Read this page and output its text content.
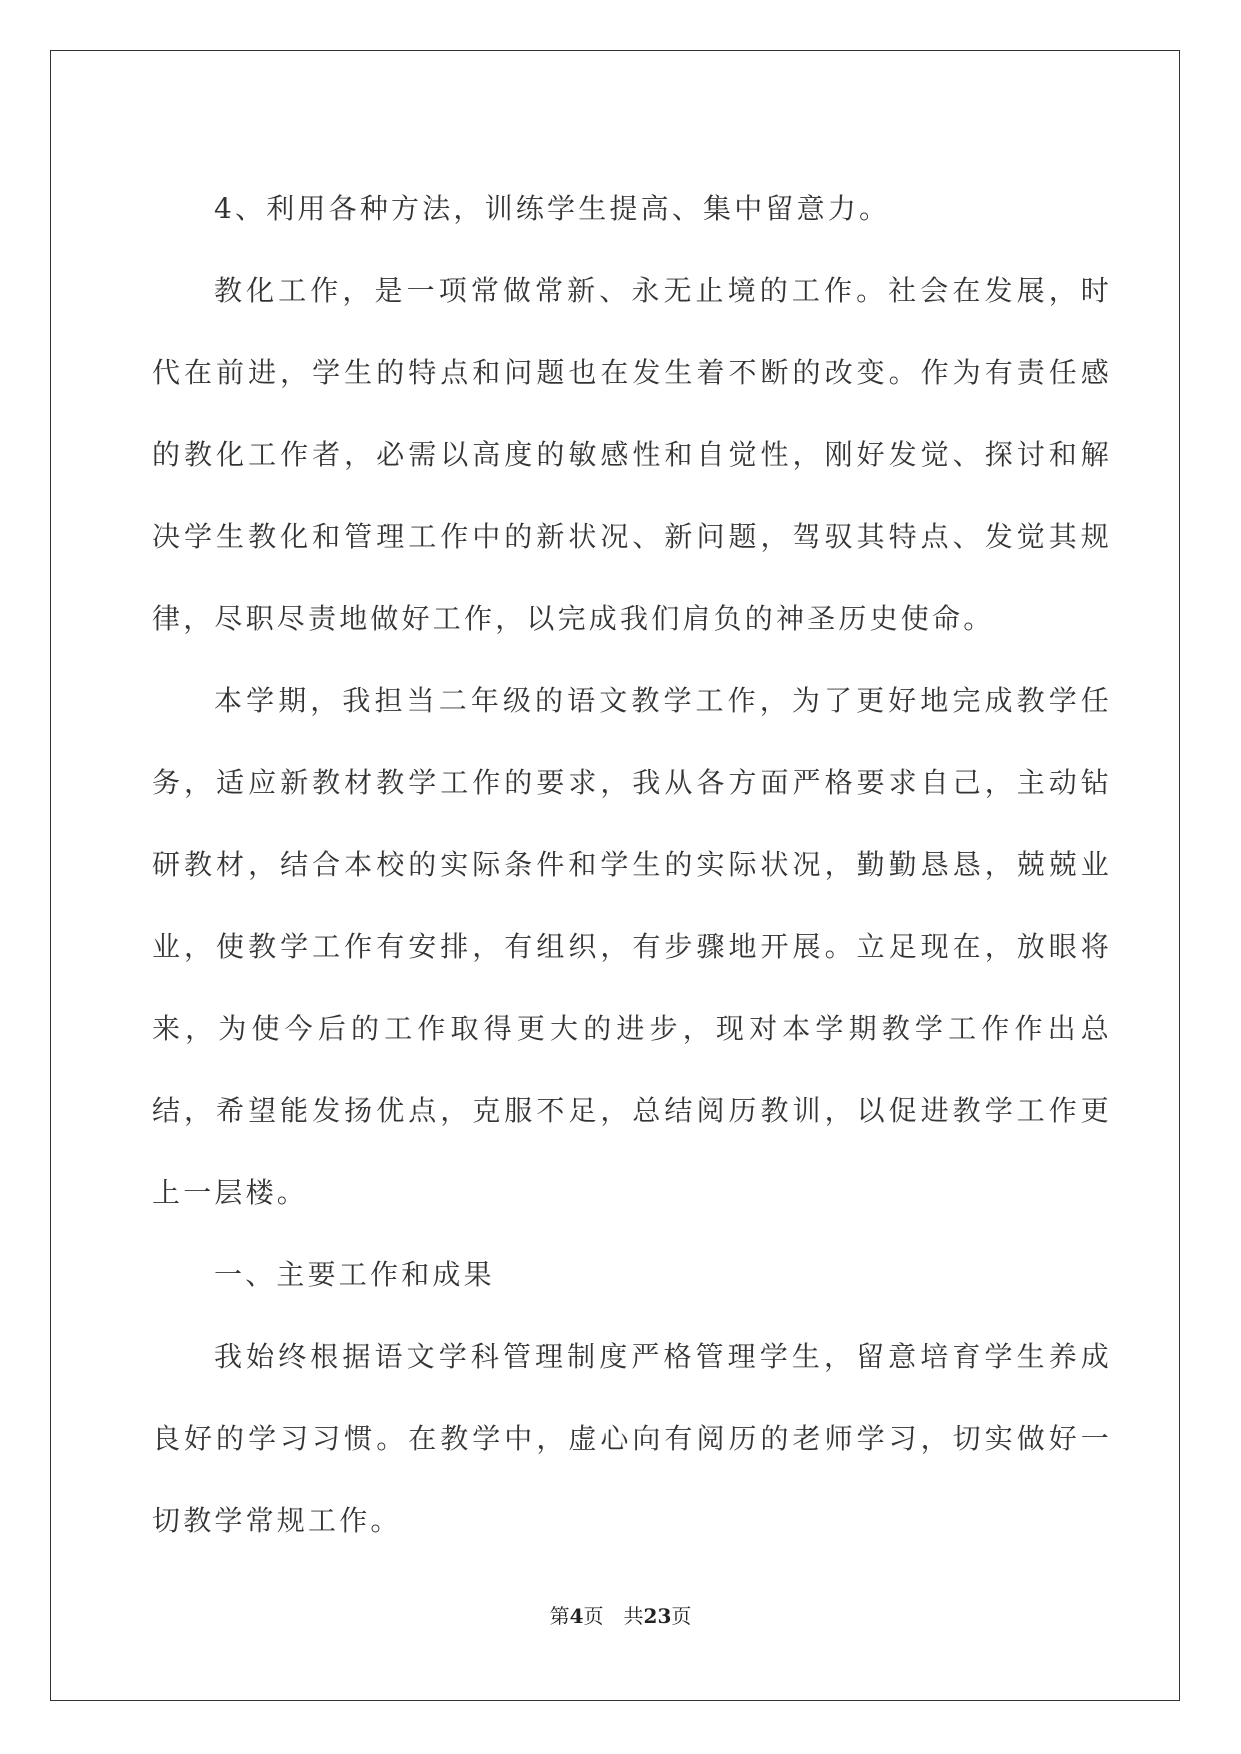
4、利用各种方法，训练学生提高、集中留意力。

教化工作，是一项常做常新、永无止境的工作。社会在发展，时代在前进，学生的特点和问题也在发生着不断的改变。作为有责任感的教化工作者，必需以高度的敏感性和自觉性，刚好发觉、探讨和解决学生教化和管理工作中的新状况、新问题，驾驭其特点、发觉其规律，尽职尽责地做好工作，以完成我们肩负的神圣历史使命。

本学期，我担当二年级的语文教学工作，为了更好地完成教学任务，适应新教材教学工作的要求，我从各方面严格要求自己，主动钻研教材，结合本校的实际条件和学生的实际状况，勤勤恳恳，兢兢业业，使教学工作有安排，有组织，有步骤地开展。立足现在，放眼将来，为使今后的工作取得更大的进步，现对本学期教学工作作出总结，希望能发扬优点，克服不足，总结阅历教训，以促进教学工作更上一层楼。

一、主要工作和成果

我始终根据语文学科管理制度严格管理学生，留意培育学生养成良好的学习习惯。在教学中，虚心向有阅历的老师学习，切实做好一切教学常规工作。

第4页 共23页
